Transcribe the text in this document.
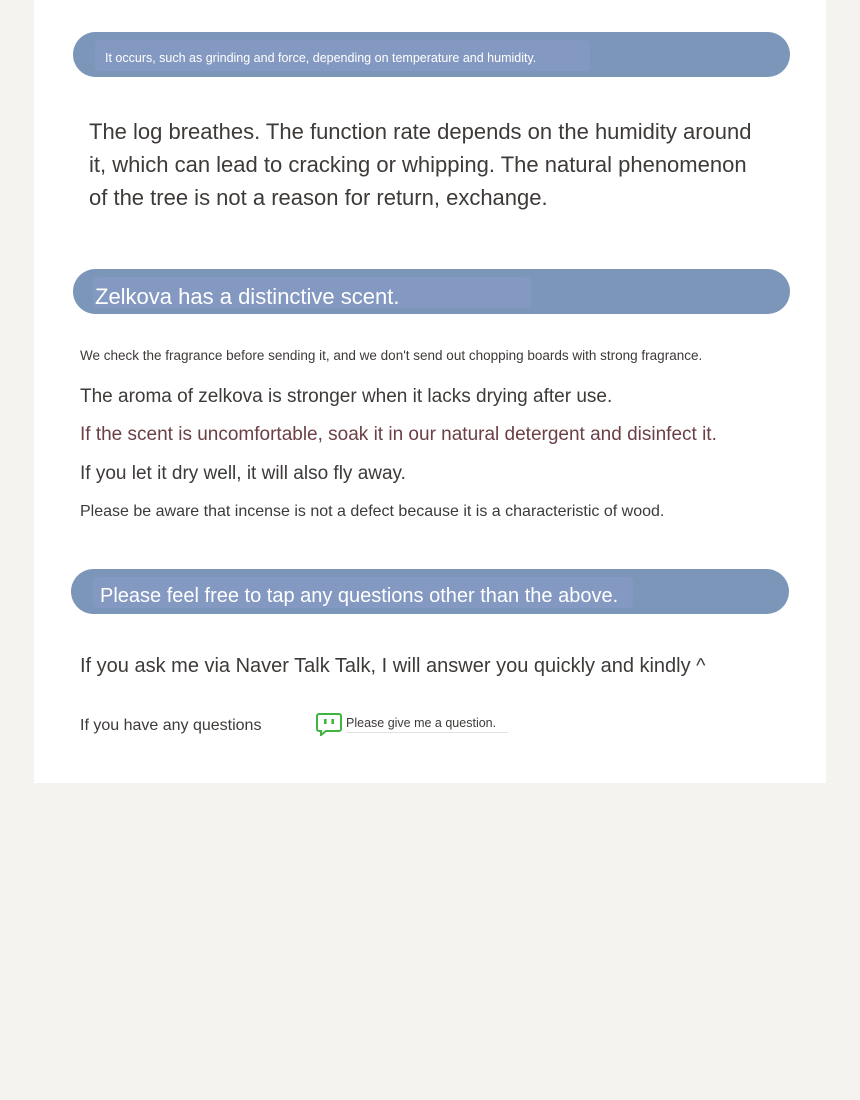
It occurs, such as grinding and force, depending on temperature and humidity.
The log breathes. The function rate depends on the humidity around it, which can lead to cracking or whipping. The natural phenomenon of the tree is not a reason for return, exchange.
Zelkova has a distinctive scent.
We check the fragrance before sending it, and we don't send out chopping boards with strong fragrance.
The aroma of zelkova is stronger when it lacks drying after use.
If the scent is uncomfortable, soak it in our natural detergent and disinfect it.
If you let it dry well, it will also fly away.
Please be aware that incense is not a defect because it is a characteristic of wood.
Please feel free to tap any questions other than the above.
If you ask me via Naver Talk Talk, I will answer you quickly and kindly ^
If you have any questions	Please give me a question.
